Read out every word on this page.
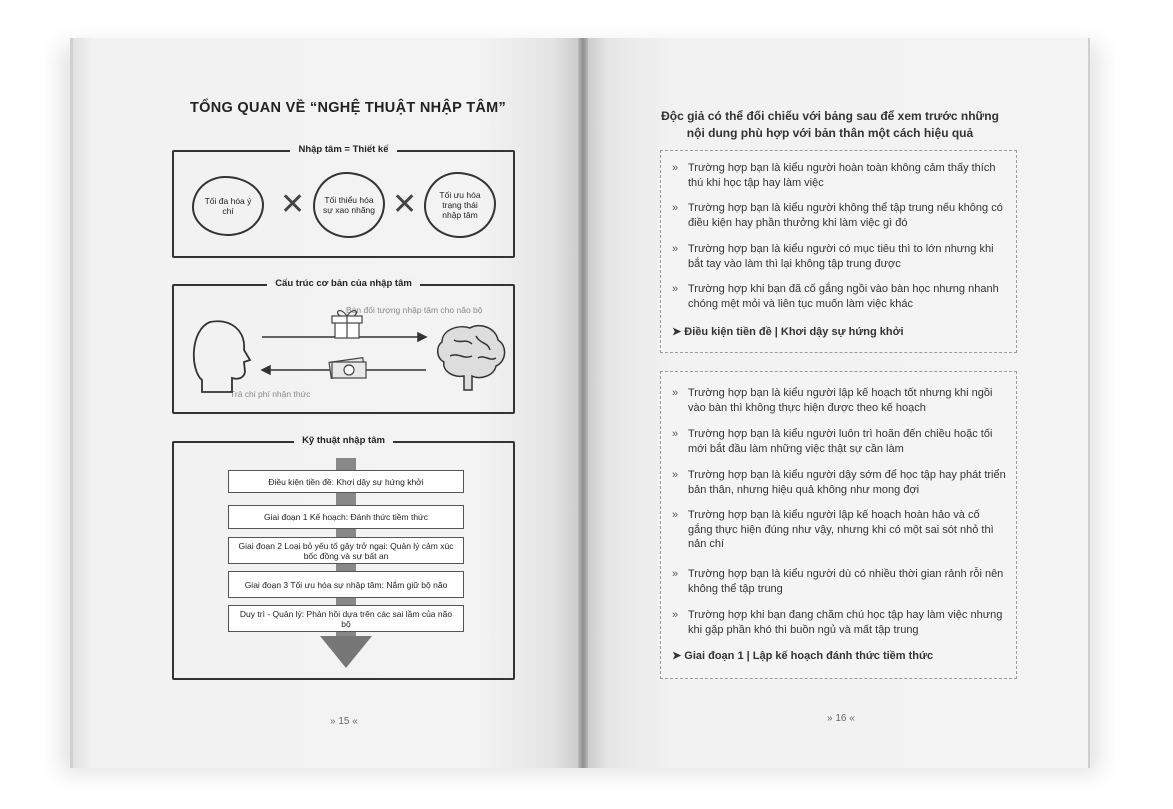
TỔNG QUAN VỀ “NGHỆ THUẬT NHẬP TÂM”
Nhập tâm = Thiết kế
Tối đa hóa ý chí	✕ Tối thiểu hóa sự xao nhãng ✕	Tối ưu hóa trạng thái nhập tâm
Cấu trúc cơ bản của nhập tâm
Bán đối tượng nhập tâm cho não bộ
Trả chi phí nhận thức
Kỹ thuật nhập tâm
Điều kiện tiền đề: Khơi dậy sự hứng khởi
Giai đoạn 1 Kế hoạch: Đánh thức tiềm thức
Giai đoạn 2 Loại bỏ yếu tố gây trở ngại: Quản lý cảm xúc bốc đồng và sự bất an
Giai đoạn 3 Tối ưu hóa sự nhập tâm: Nắm giữ bộ não
Duy trì - Quản lý: Phản hồi dựa trên các sai lầm của não bộ
» 15 «
Độc giả có thể đối chiếu với bảng sau để xem trước những nội dung phù hợp với bản thân một cách hiệu quả
» Trường hợp bạn là kiểu người hoàn toàn không cảm thấy thích thú khi học tập hay làm việc
» Trường hợp bạn là kiểu người không thể tập trung nếu không có điều kiện hay phần thưởng khi làm việc gì đó
» Trường hợp bạn là kiểu người có mục tiêu thì to lớn nhưng khi bắt tay vào làm thì lại không tập trung được
» Trường hợp khi bạn đã cố gắng ngồi vào bàn học nhưng nhanh chóng mệt mỏi và liên tục muốn làm việc khác
➤ Điều kiện tiền đề | Khơi dậy sự hứng khởi
» Trường hợp bạn là kiểu người lập kế hoạch tốt nhưng khi ngồi vào bàn thì không thực hiện được theo kế hoạch
» Trường hợp bạn là kiểu người luôn trì hoãn đến chiều hoặc tối mới bắt đầu làm những việc thật sự cần làm
» Trường hợp bạn là kiểu người dậy sớm để học tập hay phát triển bản thân, nhưng hiệu quả không như mong đợi
» Trường hợp bạn là kiểu người lập kế hoạch hoàn hảo và cố gắng thực hiện đúng như vậy, nhưng khi có một sai sót nhỏ thì nản chí
» Trường hợp bạn là kiểu người dù có nhiều thời gian rảnh rỗi nên không thể tập trung
» Trường hợp khi bạn đang chăm chú học tập hay làm việc nhưng khi gặp phần khó thì buồn ngủ và mất tập trung
➤ Giai đoạn 1 | Lập kế hoạch đánh thức tiềm thức
» 16 «
